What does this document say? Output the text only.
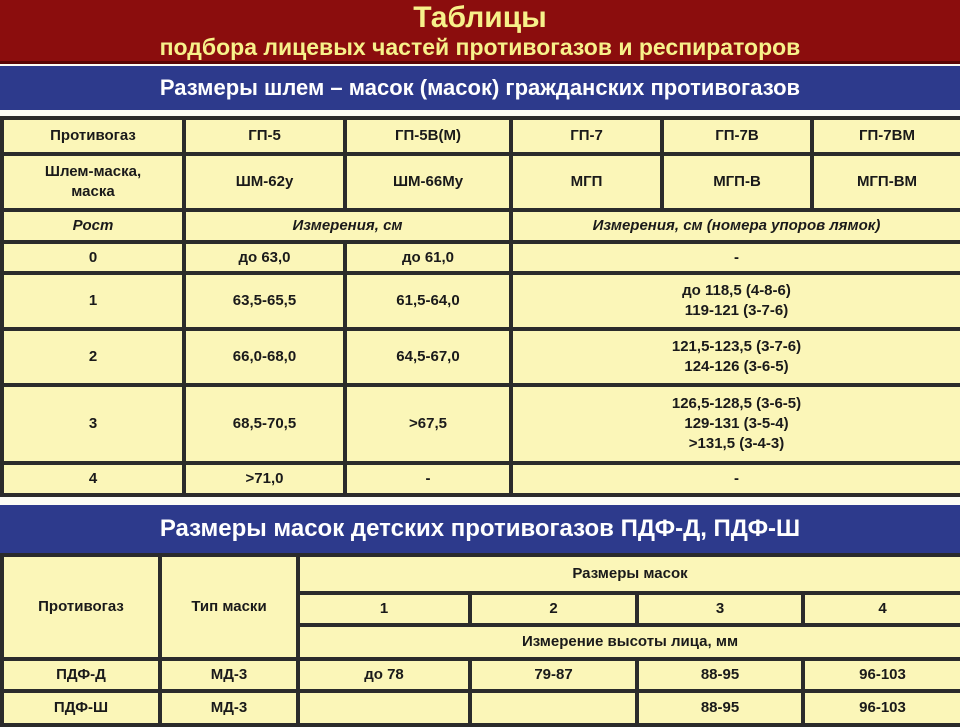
Таблицы
подбора лицевых частей противогазов и респираторов
Размеры шлем – масок (масок) гражданских противогазов
Противогаз	ГП-5	ГП-5В(М)	ГП-7	ГП-7В	ГП-7ВМ
Шлем-маска,
маска	ШМ-62у	ШМ-66Му	МГП	МГП-В	МГП-ВМ
Рост	Измерения, см		Измерения, см (номера упоров лямок)		
0	до 63,0	до 61,0	-		
1	63,5-65,5	61,5-64,0	до 118,5 (4-8-6)
119-121 (3-7-6)		
2	66,0-68,0	64,5-67,0	121,5-123,5 (3-7-6)
124-126 (3-6-5)		
3	68,5-70,5	>67,5	126,5-128,5 (3-6-5)
129-131 (3-5-4)
>131,5 (3-4-3)		
4	>71,0	-	-		
Размеры масок детских противогазов ПДФ-Д, ПДФ-Ш
Противогаз	Тип маски	Размеры масок			
		1	2	3	4
		Измерение высоты лица, мм			
ПДФ-Д	МД-3	до 78	79-87	88-95	96-103
ПДФ-Ш	МД-3			88-95	96-103
